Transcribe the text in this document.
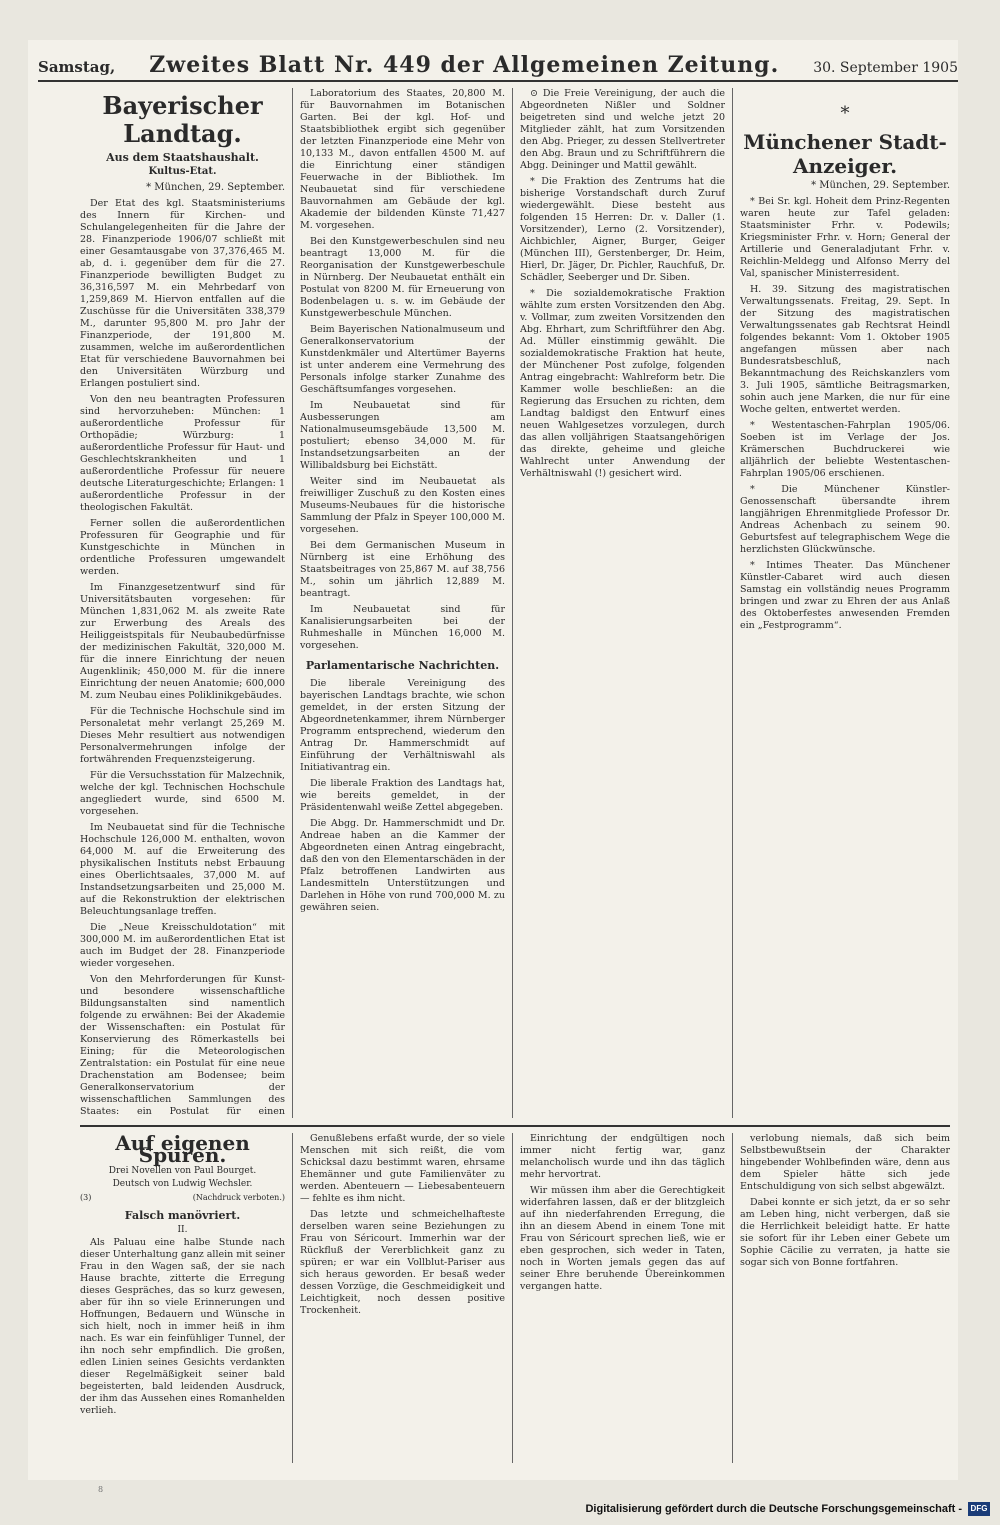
Samstag, Zweites Blatt Nr. 449 der Allgemeinen Zeitung. 30. September 1905
Bayerischer Landtag.
Aus dem Staatshaushalt.
Kultus-Etat.
* München, 29. September.

Der Etat des kgl. Staatsministeriums des Innern für Kirchen- und Schulangelegenheiten für die Jahre der 28. Finanzperiode 1906/07 schließt mit einer Gesamtausgabe von 37,376,465 M. ab, d. i. gegenüber dem für die 27. Finanzperiode bewilligten Budget zu 36,316,597 M. ein Mehrbedarf von 1,259,869 M. Hiervon entfallen auf die Zuschüsse für die Universitäten 338,379 M., darunter 95,800 M. pro Jahr der Finanzperiode, der 191,800 M. zusammen, welche im außerordentlichen Etat für verschiedene Bauvornahmen bei den Universitäten Würzburg und Erlangen postuliert sind.

Von den neu beantragten Professuren sind hervorzuheben: München: 1 außerordentliche Professur für Orthopädie; Würzburg: 1 außerordentliche Professur für Haut- und Geschlechtskrankheiten und 1 außerordentliche Professur für neuere deutsche Literaturgeschichte; Erlangen: 1 außerordentliche Professur in der theologischen Fakultät.

Ferner sollen die außerordentlichen Professuren für Geographie und für Kunstgeschichte in München in ordentliche Professuren umgewandelt werden.

Im Finanzgesetzentwurf sind für Universitätsbauten vorgesehen: für München 1,831,062 M. als zweite Rate zur Erwerbung des Areals des Heiliggeistspitals für Neubaubedürfnisse der medizinischen Fakultät, 320,000 M. für die innere Einrichtung der neuen Augenklinik; 450,000 M. für die innere Einrichtung der neuen Anatomie; 600,000 M. zum Neubau eines Poliklinikgebäudes.

Für die Technische Hochschule sind im Personaletat mehr verlangt 25,269 M. Dieses Mehr resultiert aus notwendigen Personalvermehrungen infolge der fortwährenden Frequenzsteigerung.

Für die Versuchsstation für Malzechnik, welche der kgl. Technischen Hochschule angegliedert wurde, sind 6500 M. vorgesehen.

Im Neubauetat sind für die Technische Hochschule 126,000 M. enthalten, wovon 64,000 M. auf die Erweiterung des physikalischen Instituts nebst Erbauung eines Oberlichtsaales, 37,000 M. auf Instandsetzungsarbeiten und 25,000 M. auf die Rekonstruktion der elektrischen Beleuchtungsanlage treffen.

Die „Neue Kreisschuldotation“ mit 300,000 M. im außerordentlichen Etat ist auch im Budget der 28. Finanzperiode wieder vorgesehen.

Von den Mehrforderungen für Kunst- und besondere wissenschaftliche Bildungsanstalten sind namentlich folgende zu erwähnen: Bei der Akademie der Wissenschaften: ein Postulat für Konservierung des Römerkastells bei Eining; für die Meteorologischen Zentralstation: ein Postulat für eine neue Drachenstation am Bodensee; beim Generalkonservatorium der wissenschaftlichen Sammlungen des Staates: ein Postulat für einen

Laboratorium des Staates, 20,800 M. für Bauvornahmen im Botanischen Garten. Bei der kgl. Hof- und Staatsbibliothek ergibt sich gegenüber der letzten Finanzperiode eine Mehr von 10,133 M., davon entfallen 4500 M. auf die Einrichtung einer ständigen Feuerwache in der Bibliothek. Im Neubauetat sind für verschiedene Bauvornahmen am Gebäude der kgl. Akademie der bildenden Künste 71,427 M. vorgesehen.

Bei den Kunstgewerbeschulen sind neu beantragt 13,000 M. für die Reorganisation der Kunstgewerbeschule in Nürnberg. Der Neubauetat enthält ein Postulat von 8200 M. für Erneuerung von Bodenbelagen u. s. w. im Gebäude der Kunstgewerbeschule München.

Beim Bayerischen Nationalmuseum und Generalkonservatorium der Kunstdenkmäler und Altertümer Bayerns ist unter anderem eine Vermehrung des Personals infolge starker Zunahme des Geschäftsumfanges vorgesehen.

Im Neubauetat sind für Ausbesserungen am Nationalmuseumsgebäude 13,500 M. postuliert; ebenso 34,000 M. für Instandsetzungsarbeiten an der Willibaldsburg bei Eichstätt.

Weiter sind im Neubauetat als freiwilliger Zuschuß zu den Kosten eines Museums-Neubaues für die historische Sammlung der Pfalz in Speyer 100,000 M. vorgesehen.

Bei dem Germanischen Museum in Nürnberg ist eine Erhöhung des Staatsbeitrages von 25,867 M. auf 38,756 M., sohin um jährlich 12,889 M. beantragt.

Im Neubauetat sind für Kanalisierungsarbeiten bei der Ruhmeshalle in München 16,000 M. vorgesehen.

Parlamentarische Nachrichten.

Die liberale Vereinigung des bayerischen Landtags brachte, wie schon gemeldet, in der ersten Sitzung der Abgeordnetenkammer, ihrem Nürnberger Programm entsprechend, wiederum den Antrag Dr. Hammerschmidt auf Einführung der Verhältniswahl als Initiativantrag ein.

Die liberale Fraktion des Landtags hat, wie bereits gemeldet, in der Präsidentenwahl weiße Zettel abgegeben.

Die Abgg. Dr. Hammerschmidt und Dr. Andreae haben an die Kammer der Abgeordneten einen Antrag eingebracht, daß den von den Elementarschäden in der Pfalz betroffenen Landwirten aus Landesmitteln Unterstützungen und Darlehen in Höhe von rund 700,000 M. zu gewähren seien.

⊙ Die Freie Vereinigung, der auch die Abgeordneten Nißler und Soldner beigetreten sind und welche jetzt 20 Mitglieder zählt, hat zum Vorsitzenden den Abg. Prieger, zu dessen Stellvertreter den Abg. Braun und zu Schriftführern die Abgg. Deininger und Mattil gewählt.

* Die Fraktion des Zentrums hat die bisherige Vorstandschaft durch Zuruf wiedergewählt. Diese besteht aus folgenden 15 Herren: Dr. v. Daller (1. Vorsitzender), Lerno (2. Vorsitzender), Aichbichler, Aigner, Burger, Geiger (München III), Gerstenberger, Dr. Heim, Hierl, Dr. Jäger, Dr. Pichler, Rauchfuß, Dr. Schädler, Seeberger und Dr. Siben.

* Die sozialdemokratische Fraktion wählte zum ersten Vorsitzenden den Abg. v. Vollmar, zum zweiten Vorsitzenden den Abg. Ehrhart, zum Schriftführer den Abg. Ad. Müller einstimmig gewählt. Die sozialdemokratische Fraktion hat heute, der Münchener Post zufolge, folgenden Antrag eingebracht: Wahlreform betr. Die Kammer wolle beschließen: an die Regierung das Ersuchen zu richten, dem Landtag baldigst den Entwurf eines neuen Wahlgesetzes vorzulegen, durch das allen volljährigen Staatsangehörigen das direkte, geheime und gleiche Wahlrecht unter Anwendung der Verhältniswahl (!) gesichert wird.

*
Münchener Stadt-Anzeiger.
* München, 29. September.

* Bei Sr. kgl. Hoheit dem Prinz-Regenten waren heute zur Tafel geladen: Staatsminister Frhr. v. Podewils; Kriegsminister Frhr. v. Horn; General der Artillerie und Generaladjutant Frhr. v. Reichlin-Meldegg und Alfonso Merry del Val, spanischer Ministerresident.

H. 39. Sitzung des magistratischen Verwaltungssenats. Freitag, 29. Sept. In der Sitzung des magistratischen Verwaltungssenates gab Rechtsrat Heindl folgendes bekannt: Vom 1. Oktober 1905 angefangen müssen aber nach Bundesratsbeschluß, nach Bekanntmachung des Reichskanzlers vom 3. Juli 1905, sämtliche Beitragsmarken, sohin auch jene Marken, die nur für eine Woche gelten, entwertet werden.

* Westentaschen-Fahrplan 1905/06. Soeben ist im Verlage der Jos. Krämerschen Buchdruckerei wie alljährlich der beliebte Westentaschen-Fahrplan 1905/06 erschienen.

* Die Münchener Künstler-Genossenschaft übersandte ihrem langjährigen Ehrenmitgliede Professor Dr. Andreas Achenbach zu seinem 90. Geburtsfest auf telegraphischem Wege die herzlichsten Glückwünsche.

* Intimes Theater. Das Münchener Künstler-Cabaret wird auch diesen Samstag ein vollständig neues Programm bringen und zwar zu Ehren der aus Anlaß des Oktoberfestes anwesenden Fremden ein „Festprogramm“.

Auf eigenen Spuren.
Drei Novellen von Paul Bourget.
Deutsch von Ludwig Wechsler.
(3)	(Nachdruck verboten.)
Falsch manövriert.
II.

Als Paluau eine halbe Stunde nach dieser Unterhaltung ganz allein mit seiner Frau in den Wagen saß, der sie nach Hause brachte, zitterte die Erregung dieses Gespräches, das so kurz gewesen, aber für ihn so viele Erinnerungen und Hoffnungen, Bedauern und Wünsche in sich hielt, noch in immer heiß in ihm nach. Es war ein feinfühliger Tunnel, der ihn noch sehr empfindlich. Die großen, edlen Linien seines Gesichts verdankten dieser Regelmäßigkeit seiner bald begeisterten, bald leidenden Ausdruck, der ihm das Aussehen eines Romanhelden verlieh.

Genußlebens erfaßt wurde, der so viele Menschen mit sich reißt, die vom Schicksal dazu bestimmt waren, ehrsame Ehemänner und gute Familienväter zu werden. Abenteuern — Liebesabenteuern — fehlte es ihm nicht.

Das letzte und schmeichelhafteste derselben waren seine Beziehungen zu Frau von Séricourt. Immerhin war der Rückfluß der Vererblichkeit ganz zu spüren; er war ein Vollblut-Pariser aus sich heraus geworden. Er besaß weder dessen Vorzüge, die Geschmeidigkeit und Leichtigkeit, noch dessen positive Trockenheit.

Einrichtung der endgültigen noch immer nicht fertig war, ganz melancholisch wurde und ihn das täglich mehr hervortrat.

Wir müssen ihm aber die Gerechtigkeit widerfahren lassen, daß er der blitzgleich auf ihn niederfahrenden Erregung, die ihn an diesem Abend in einem Tone mit Frau von Séricourt sprechen ließ, wie er eben gesprochen, sich weder in Taten, noch in Worten jemals gegen das auf seiner Ehre beruhende Übereinkommen vergangen hatte.

verlobung niemals, daß sich beim Selbstbewußtsein der Charakter hingebender Wohlbefinden wäre, denn aus dem Spieler hätte sich jede Entschuldigung von sich selbst abgewälzt.

Dabei konnte er sich jetzt, da er so sehr am Leben hing, nicht verbergen, daß sie die Herrlichkeit beleidigt hatte. Er hatte sie sofort für ihr Leben einer Gebete um Sophie Cäcilie zu verraten, ja hatte sie sogar sich von Bonne fortfahren.

8
Digitalisierung gefördert durch die Deutsche Forschungsgemeinschaft -	DFG
